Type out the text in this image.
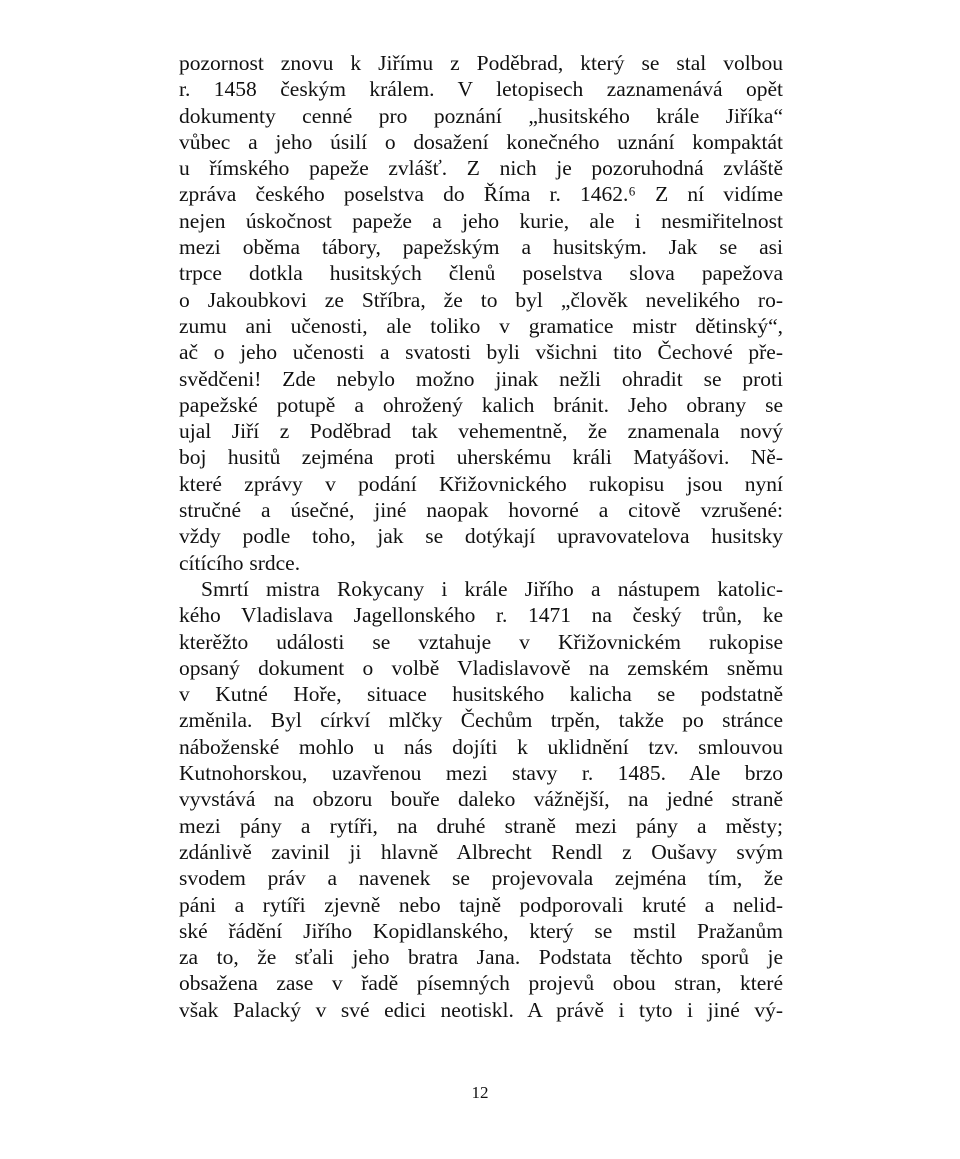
pozornost znovu k Jiřímu z Poděbrad, který se stal volbou
r. 1458 českým králem. V letopisech zaznamenává opět
dokumenty cenné pro poznání „husitského krále Jiříka“
vůbec a jeho úsilí o dosažení konečného uznání kompaktát
u římského papeže zvlášť. Z nich je pozoruhodná zvláště
zpráva českého poselstva do Říma r. 1462.⁶ Z ní vidíme
nejen úskočnost papeže a jeho kurie, ale i nesmiřitelnost
mezi oběma tábory, papežským a husitským. Jak se asi
trpce dotkla husitských členů poselstva slova papežova
o Jakoubkovi ze Stříbra, že to byl „člověk nevelikého ro-
zumu ani učenosti, ale toliko v gramatice mistr dětinský“,
ač o jeho učenosti a svatosti byli všichni tito Čechové pře-
svědčeni! Zde nebylo možno jinak nežli ohradit se proti
papežské potupě a ohrožený kalich bránit. Jeho obrany se
ujal Jiří z Poděbrad tak vehementně, že znamenala nový
boj husitů zejména proti uherskému králi Matyášovi. Ně-
které zprávy v podání Křižovnického rukopisu jsou nyní
stručné a úsečné, jiné naopak hovorné a citově vzrušené:
vždy podle toho, jak se dotýkají upravovatelova husitsky
cítícího srdce.
Smrtí mistra Rokycany i krále Jiřího a nástupem katolic-
kého Vladislava Jagellonského r. 1471 na český trůn, ke
kterěžto události se vztahuje v Křižovnickém rukopise
opsaný dokument o volbě Vladislavově na zemském sněmu
v Kutné Hoře, situace husitského kalicha se podstatně
změnila. Byl církví mlčky Čechům trpěn, takže po stránce
náboženské mohlo u nás dojíti k uklidnění tzv. smlouvou
Kutnohorskou, uzavřenou mezi stavy r. 1485. Ale brzo
vyvstává na obzoru bouře daleko vážnější, na jedné straně
mezi pány a rytíři, na druhé straně mezi pány a městy;
zdánlivě zavinil ji hlavně Albrecht Rendl z Oušavy svým
svodem práv a navenek se projevovala zejména tím, že
páni a rytíři zjevně nebo tajně podporovali kruté a nelid-
ské řádění Jiřího Kopidlanského, který se mstil Pražanům
za to, že sťali jeho bratra Jana. Podstata těchto sporů je
obsažena zase v řadě písemných projevů obou stran, které
však Palacký v své edici neotiskl. A právě i tyto i jiné vý-
12
